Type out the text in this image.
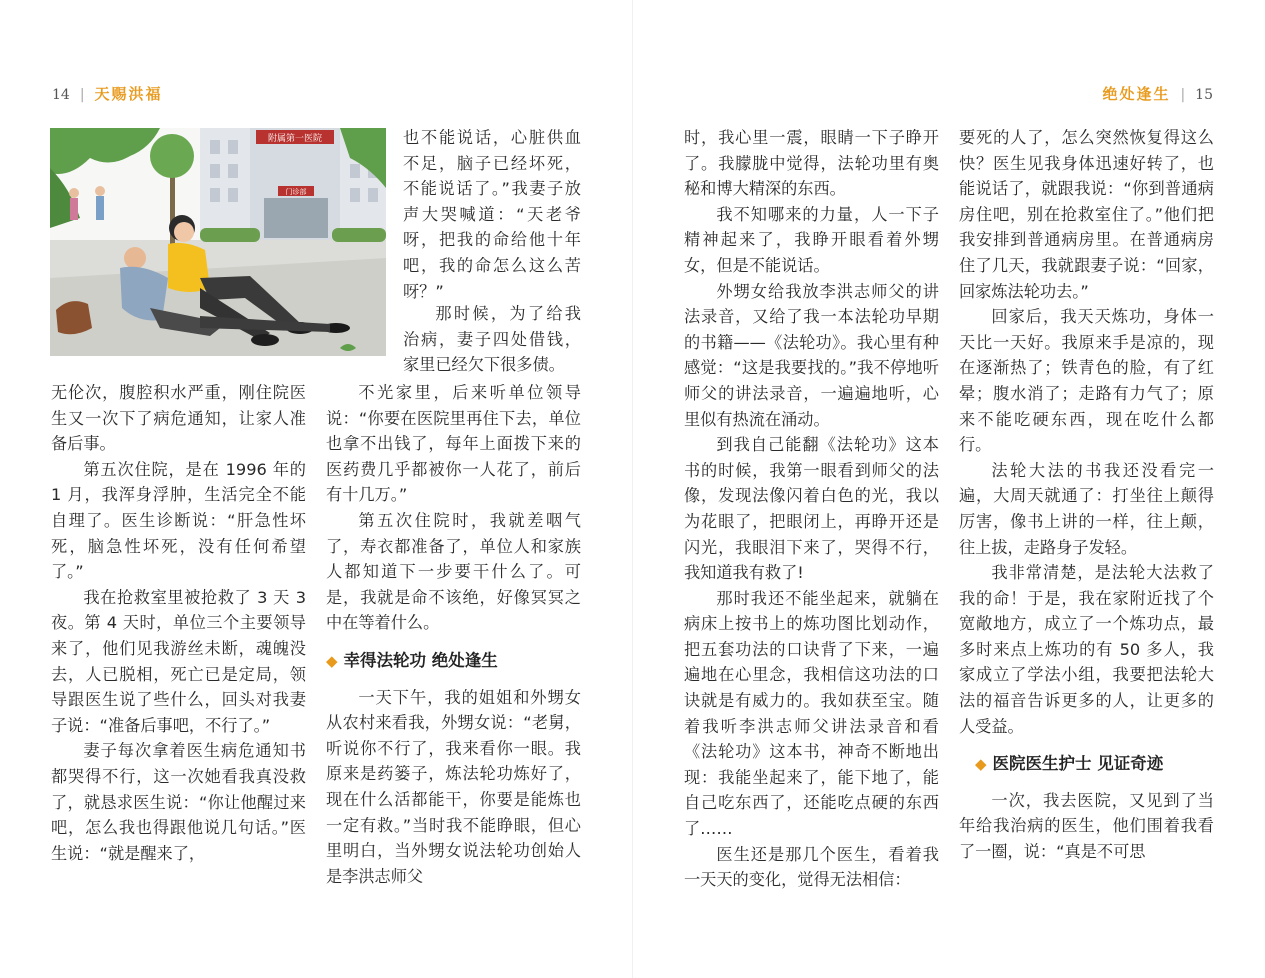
14 | 天赐洪福
附属第一医院
门诊部

也不能说话，心脏供血不足，脑子已经坏死，不能说话了。”我妻子放声大哭喊道：“天老爷呀，把我的命给他十年吧，我的命怎么这么苦呀？”

那时候，为了给我治病，妻子四处借钱，家里已经欠下很多债。

无伦次，腹腔积水严重，刚住院医生又一次下了病危通知，让家人准备后事。

第五次住院，是在 1996 年的 1 月，我浑身浮肿，生活完全不能自理了。医生诊断说：“肝急性坏死，脑急性坏死，没有任何希望了。”

我在抢救室里被抢救了 3 天 3 夜。第 4 天时，单位三个主要领导来了，他们见我游丝未断，魂魄没去，人已脱相，死亡已是定局，领导跟医生说了些什么，回头对我妻子说：“准备后事吧，不行了。”

妻子每次拿着医生病危通知书都哭得不行，这一次她看我真没救了，就恳求医生说：“你让他醒过来吧，怎么我也得跟他说几句话。”医生说：“就是醒来了，

不光家里，后来听单位领导说：“你要在医院里再住下去，单位也拿不出钱了，每年上面拨下来的医药费几乎都被你一人花了，前后有十几万。”

第五次住院时，我就差咽气了，寿衣都准备了，单位人和家族人都知道下一步要干什么了。可是，我就是命不该绝，好像冥冥之中在等着什么。

◆ 幸得法轮功 绝处逢生

一天下午，我的姐姐和外甥女从农村来看我，外甥女说：“老舅，听说你不行了，我来看你一眼。我原来是药篓子，炼法轮功炼好了，现在什么活都能干，你要是能炼也一定有救。”当时我不能睁眼，但心里明白，当外甥女说法轮功创始人是李洪志师父

绝处逢生 | 15

时，我心里一震，眼睛一下子睁开了。我朦胧中觉得，法轮功里有奥秘和博大精深的东西。

我不知哪来的力量，人一下子精神起来了，我睁开眼看着外甥女，但是不能说话。

外甥女给我放李洪志师父的讲法录音，又给了我一本法轮功早期的书籍——《法轮功》。我心里有种感觉：“这是我要找的。”我不停地听师父的讲法录音，一遍遍地听，心里似有热流在涌动。

到我自己能翻《法轮功》这本书的时候，我第一眼看到师父的法像，发现法像闪着白色的光，我以为花眼了，把眼闭上，再睁开还是闪光，我眼泪下来了，哭得不行，我知道我有救了!

那时我还不能坐起来，就躺在病床上按书上的炼功图比划动作，把五套功法的口诀背了下来，一遍遍地在心里念，我相信这功法的口诀就是有威力的。我如获至宝。随着我听李洪志师父讲法录音和看《法轮功》这本书，神奇不断地出现：我能坐起来了，能下地了，能自己吃东西了，还能吃点硬的东西了……

医生还是那几个医生，看着我一天天的变化，觉得无法相信：

要死的人了，怎么突然恢复得这么快？医生见我身体迅速好转了，也能说话了，就跟我说：“你到普通病房住吧，别在抢救室住了。”他们把我安排到普通病房里。在普通病房住了几天，我就跟妻子说：“回家，回家炼法轮功去。”

回家后，我天天炼功，身体一天比一天好。我原来手是凉的，现在逐渐热了；铁青色的脸，有了红晕；腹水消了；走路有力气了；原来不能吃硬东西，现在吃什么都行。

法轮大法的书我还没看完一遍，大周天就通了：打坐往上颠得厉害，像书上讲的一样，往上颠，往上拔，走路身子发轻。

我非常清楚，是法轮大法救了我的命！于是，我在家附近找了个宽敞地方，成立了一个炼功点，最多时来点上炼功的有 50 多人，我家成立了学法小组，我要把法轮大法的福音告诉更多的人，让更多的人受益。

◆ 医院医生护士 见证奇迹

一次，我去医院，又见到了当年给我治病的医生，他们围着我看了一圈，说：“真是不可思
